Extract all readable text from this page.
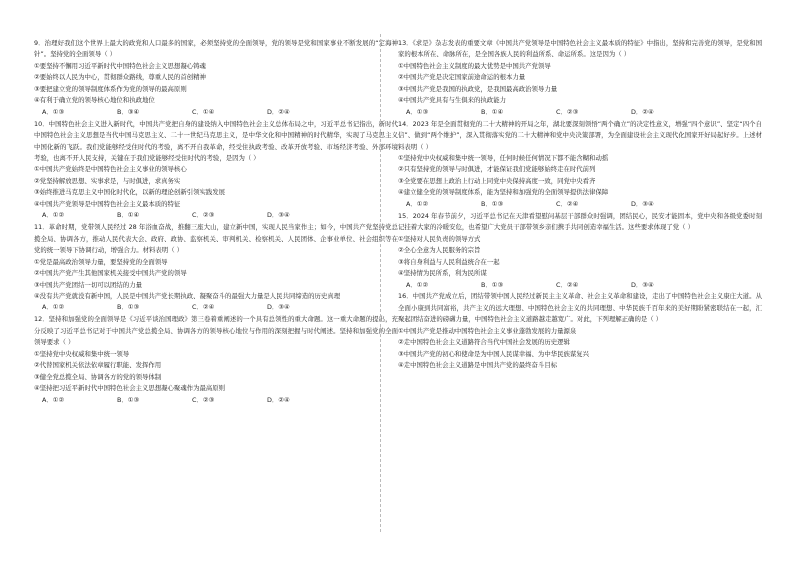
9．治理好我们这个世界上最大的政党和人口最多的国家，必须坚持党的全面领导，党的领导是党和国家事业不断发展的“定海神针”。坚持党的全面领导（ ）
①要坚持不懈用习近平新时代中国特色社会主义思想凝心铸魂
②要始终以人民为中心，贯彻群众路线，尊重人民的首创精神
③要把建立党的领导制度体系作为党的领导的最高原则
④有利于确立党的领导核心地位和执政地位
A．①③	B．③④	C．①④	D．②④
10．中国特色社会主义进入新时代，中国共产党把自身的建设纳入中国特色社会主义总体布局之中，习近平总书记指出，新时代中国特色社会主义思想是当代中国马克思主义、二十一世纪马克思主义，是中华文化和中国精神的时代精华，实现了马克思主义中国化新的飞跃。我们党能够经受住时代的考验，离不开自我革命，经受住执政考验、改革开放考验、市场经济考验、外部环境考验，也离不开人民支持，关键在于我们党能够经受住时代的考验，是因为（ ）
①中国共产党始终是中国特色社会主义事业的领导核心
②党坚持解放思想、实事求是，与时俱进，求真务实
③始终推进马克思主义中国化时代化，以新的理论创新引领实践发展
④中国共产党领导是中国特色社会主义最本质的特征
A．①②	B．①④	C．②③	D．③④
11．革命时期，党带领人民经过 28 年浴血奋战，推翻三座大山，建立新中国，实现人民当家作主；如今，中国共产党坚持党总揽全局、协调各方，推动人民代表大会、政府、政协、监察机关、审判机关、检察机关、人民团体、企事业单位、社会组织等在党的统一领导下协调行动，增强合力。材料表明（ ）
①党是最高政治领导力量，要坚持党的全面领导
②中国共产党产生其他国家机关接受中国共产党的领导
③中国共产党团结一切可以团结的力量
④没有共产党就没有新中国，人民是中国共产党长期执政、凝聚奋斗的最强大力量是人民共同缔造的历史真理
A．①②	B．①③	C．②④	D．③④
12．坚持和加强党的全面领导是《习近平谈治国理政》第三卷着重阐述的一个具有总领性的重大命题。这一重大命题的提出，充分反映了习近平总书记对于中国共产党总揽全局、协调各方的领导核心地位与作用的深刻把握与时代阐述。坚持和加强党的全面领导要求（ ）
①坚持党中央权威和集中统一领导
②代替国家机关依法依章履行职能、发挥作用
③健全党总揽全局、协调各方的党的领导体制
④坚持把习近平新时代中国特色社会主义思想凝心聚魂作为最高原则
A．①②	B．①③	C．②③	D．②④
13．《求是》杂志发表的重要文章《中国共产党领导是中国特色社会主义最本质的特征》中指出，坚持和完善党的领导，是党和国家的根本所在、命脉所在，是全国各族人民的利益所系、命运所系。这是因为（ ）
①中国特色社会主义制度的最大优势是中国共产党领导
②中国共产党是决定国家前途命运的根本力量
③中国共产党是我国的执政党，是我国最高政治领导力量
④中国共产党具有与生俱来的执政能力
A．①③	B．①④	C．②③	D．②④
14．2023 年是全面贯彻党的二十大精神的开局之年，湖北要深刻领悟“两个确立”的决定性意义，增强“四个意识”、坚定“四个自信”、做到“两个维护”，深入贯彻落实党的二十大精神和党中央决策部署，为全面建设社会主义现代化国家开好局起好步。上述材料表明（ ）
①坚持党中央权威和集中统一领导，任何时候任何情况下都不能含糊和动摇
②只有坚持党的领导与时俱进，才能保证我们党能够始终走在时代前列
③全党要在思想上政治上行动上同党中央保持高度一致，同党中央看齐
④建立健全党的领导制度体系，能为坚持和加强党的全面领导提供法律保障
A．①②	B．①③	C．②④	D．③④
15．2024 年春节前夕，习近平总书记在天津看望慰问基层干部群众时强调，团结民心，民安才能固本，党中央和各级党委时刻记挂着大家的冷暖安危，也希望广大党员干部带领乡亲们携手共同创造幸福生活。这些要求体现了党（ ）
①坚持对人民负责的领导方式
②全心全意为人民服务的宗旨
③将自身利益与人民利益统合在一起
④坚持情为民所系，利为民所谋
A．①②	B．①③	C．②④	D．③④
16．中国共产党成立后，团结带领中国人民经过新民主主义革命、社会主义革命和建设，走出了中国特色社会主义康庄大道。从全面小康到共同富裕，共产主义的远大理想、中国特色社会主义的共同理想、中华民族千百年来的美好期盼紧密联结在一起，汇聚起团结奋进的磅礴力量，中国特色社会主义道路越走越宽广。对此，下列理解正确的是（ ）
①中国共产党是推动中国特色社会主义事业蓬勃发展的力量源泉
②走中国特色社会主义道路符合当代中国社会发展的历史逻辑
③中国共产党的初心和使命是为中国人民谋幸福、为中华民族谋复兴
④走中国特色社会主义道路是中国共产党的最终奋斗目标
